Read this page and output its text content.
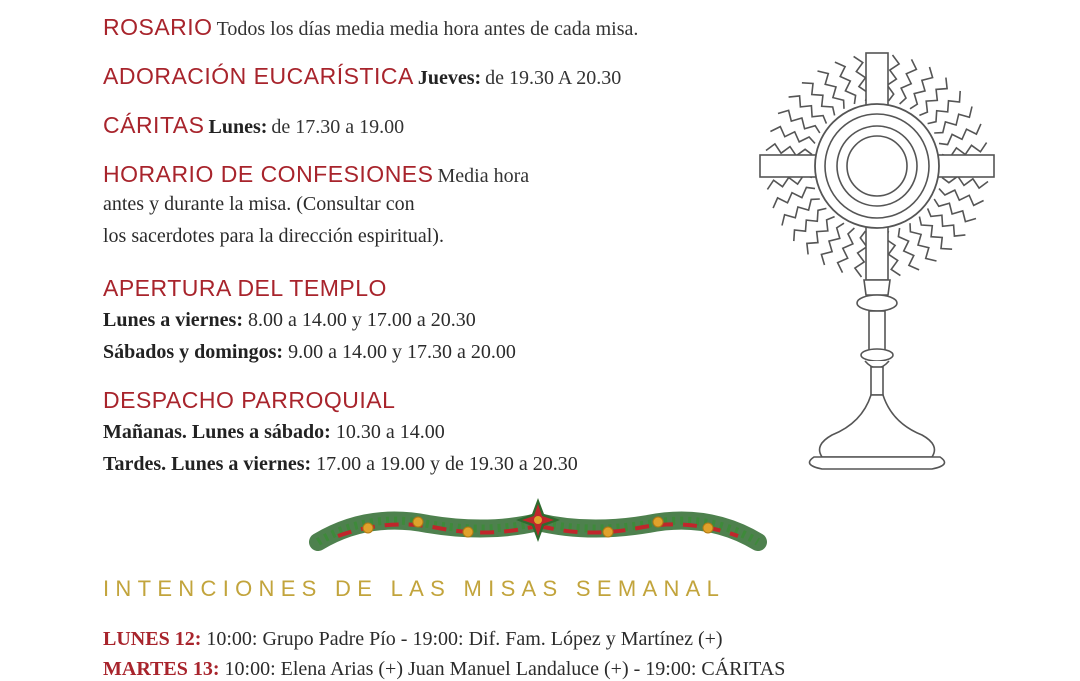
ROSARIO Todos los días media media hora antes de cada misa.
ADORACIÓN EUCARÍSTICA Jueves: de 19.30 A 20.30
CÁRITAS Lunes: de 17.30 a 19.00
HORARIO DE CONFESIONES Media hora
antes y durante la misa. (Consultar con
los sacerdotes para la dirección espiritual).
APERTURA DEL TEMPLO
Lunes a viernes: 8.00 a 14.00 y 17.00 a 20.30
Sábados y domingos: 9.00 a 14.00 y 17.30 a 20.00
DESPACHO PARROQUIAL
Mañanas. Lunes a sábado: 10.30 a 14.00
Tardes. Lunes a viernes: 17.00 a 19.00 y de 19.30 a 20.30
INTENCIONES DE LAS MISAS SEMANAL
LUNES 12: 10:00: Grupo Padre Pío - 19:00: Dif. Fam. López y Martínez (+)
MARTES 13: 10:00: Elena Arias (+) Juan Manuel Landaluce (+) - 19:00: CÁRITAS
